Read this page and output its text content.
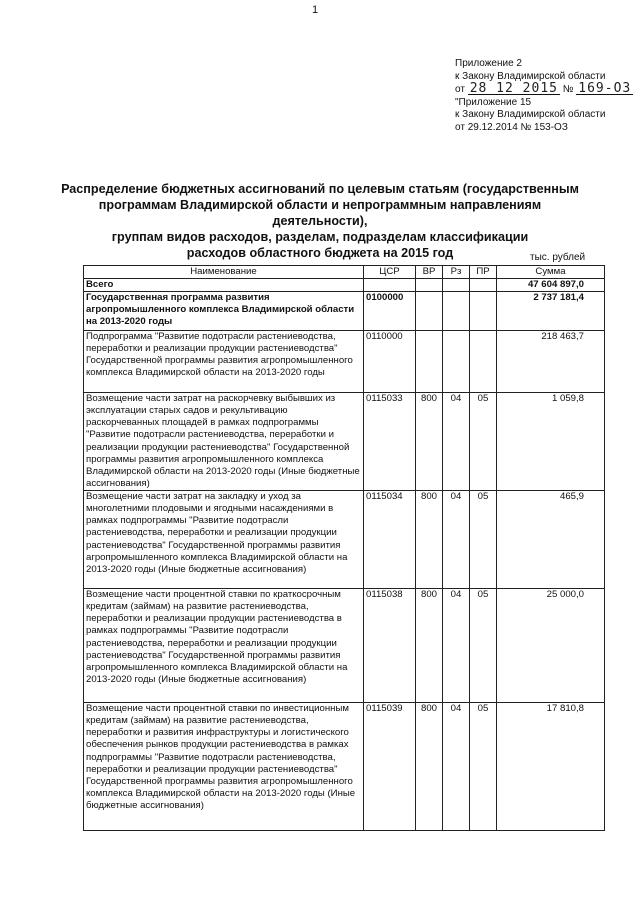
1
Приложение 2
к Закону Владимирской области
от 28 12 2015 № 169-ОЗ
"Приложение 15
к Закону Владимирской области
от 29.12.2014 № 153-ОЗ
Распределение бюджетных ассигнований по целевым статьям (государственным
программам Владимирской области и непрограммным направлениям деятельности),
группам видов расходов, разделам, подразделам классификации
расходов областного бюджета на 2015 год	тыс. рублей
Наименование	ЦСР	ВР	Рз	ПР	Сумма
Всего					47 604 897,0
Государственная программа развития агропромышленного комплекса Владимирской области на 2013-2020 годы	0100000				2 737 181,4
Подпрограмма "Развитие подотрасли растениеводства, переработки и реализации продукции растениеводства" Государственной программы развития агропромышленного комплекса Владимирской области на 2013-2020 годы	0110000				218 463,7
Возмещение части затрат на раскорчевку выбывших из эксплуатации старых садов и рекультивацию раскорчеванных площадей в рамках подпрограммы "Развитие подотрасли растениеводства, переработки и реализации продукции растениеводства" Государственной программы развития агропромышленного комплекса Владимирской области на 2013-2020 годы (Иные бюджетные ассигнования)	0115033	800	04	05	1 059,8
Возмещение части затрат на закладку и уход за многолетними плодовыми и ягодными насаждениями в рамках подпрограммы "Развитие подотрасли растениеводства, переработки и реализации продукции растениеводства" Государственной программы развития агропромышленного комплекса Владимирской области на 2013-2020 годы (Иные бюджетные ассигнования)	0115034	800	04	05	465,9
Возмещение части процентной ставки по краткосрочным кредитам (займам) на развитие растениеводства, переработки и реализации продукции растениеводства в рамках подпрограммы "Развитие подотрасли растениеводства, переработки и реализации продукции растениеводства" Государственной программы развития агропромышленного комплекса Владимирской области на 2013-2020 годы (Иные бюджетные ассигнования)	0115038	800	04	05	25 000,0
Возмещение части процентной ставки по инвестиционным кредитам (займам) на развитие растениеводства, переработки и развития инфраструктуры и логистического обеспечения рынков продукции растениеводства в рамках подпрограммы "Развитие подотрасли растениеводства, переработки и реализации продукции растениеводства" Государственной программы развития агропромышленного комплекса Владимирской области на 2013-2020 годы (Иные бюджетные ассигнования)	0115039	800	04	05	17 810,8
